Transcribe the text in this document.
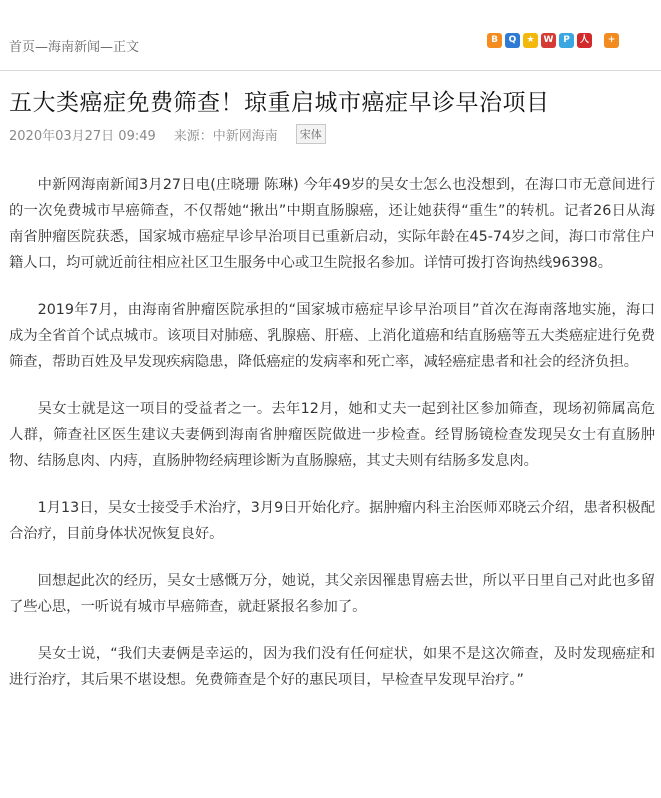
首页—海南新闻—正文	B	Q	★	W	P	人	+
五大类癌症免费筛查！琼重启城市癌症早诊早治项目
2020年03月27日 09:49 来源：中新网海南	宋体

中新网海南新闻3月27日电(庄晓珊 陈琳) 今年49岁的吴女士怎么也没想到，在海口市无意间进行的一次免费城市早癌筛查，不仅帮她“揪出”中期直肠腺癌，还让她获得“重生”的转机。记者26日从海南省肿瘤医院获悉，国家城市癌症早诊早治项目已重新启动，实际年龄在45-74岁之间，海口市常住户籍人口，均可就近前往相应社区卫生服务中心或卫生院报名参加。详情可拨打咨询热线96398。

2019年7月，由海南省肿瘤医院承担的“国家城市癌症早诊早治项目”首次在海南落地实施，海口成为全省首个试点城市。该项目对肺癌、乳腺癌、肝癌、上消化道癌和结直肠癌等五大类癌症进行免费筛查，帮助百姓及早发现疾病隐患，降低癌症的发病率和死亡率，减轻癌症患者和社会的经济负担。

吴女士就是这一项目的受益者之一。去年12月，她和丈夫一起到社区参加筛查，现场初筛属高危人群，筛查社区医生建议夫妻俩到海南省肿瘤医院做进一步检查。经胃肠镜检查发现吴女士有直肠肿物、结肠息肉、内痔，直肠肿物经病理诊断为直肠腺癌，其丈夫则有结肠多发息肉。

1月13日，吴女士接受手术治疗，3月9日开始化疗。据肿瘤内科主治医师邓晓云介绍，患者积极配合治疗，目前身体状况恢复良好。

回想起此次的经历，吴女士感慨万分，她说，其父亲因罹患胃癌去世，所以平日里自己对此也多留了些心思，一听说有城市早癌筛查，就赶紧报名参加了。

吴女士说，“我们夫妻俩是幸运的，因为我们没有任何症状，如果不是这次筛查，及时发现癌症和进行治疗，其后果不堪设想。免费筛查是个好的惠民项目，早检查早发现早治疗。”
